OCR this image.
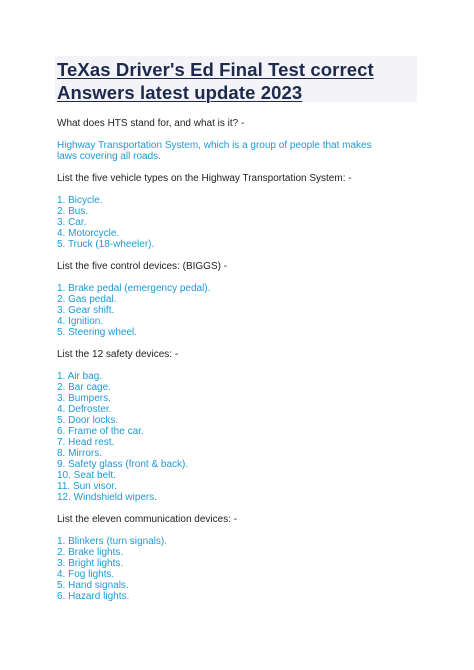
TeXas Driver's Ed Final Test correct Answers latest update 2023

What does HTS stand for, and what is it? -

Highway Transportation System, which is a group of people that makes laws covering all roads.

List the five vehicle types on the Highway Transportation System: -

1. Bicycle.

2. Bus.

3. Car.

4. Motorcycle.

5. Truck (18-wheeler).

List the five control devices: (BIGGS) -

1. Brake pedal (emergency pedal).

2. Gas pedal.

3. Gear shift.

4. Ignition.

5. Steering wheel.

List the 12 safety devices: -

1. Air bag.

2. Bar cage.

3. Bumpers.

4. Defroster.

5. Door locks.

6. Frame of the car.

7. Head rest.

8. Mirrors.

9. Safety glass (front & back).

10. Seat belt.

11. Sun visor.

12. Windshield wipers.

List the eleven communication devices: -

1. Blinkers (turn signals).

2. Brake lights.

3. Bright lights.

4. Fog lights.

5. Hand signals.

6. Hazard lights.
